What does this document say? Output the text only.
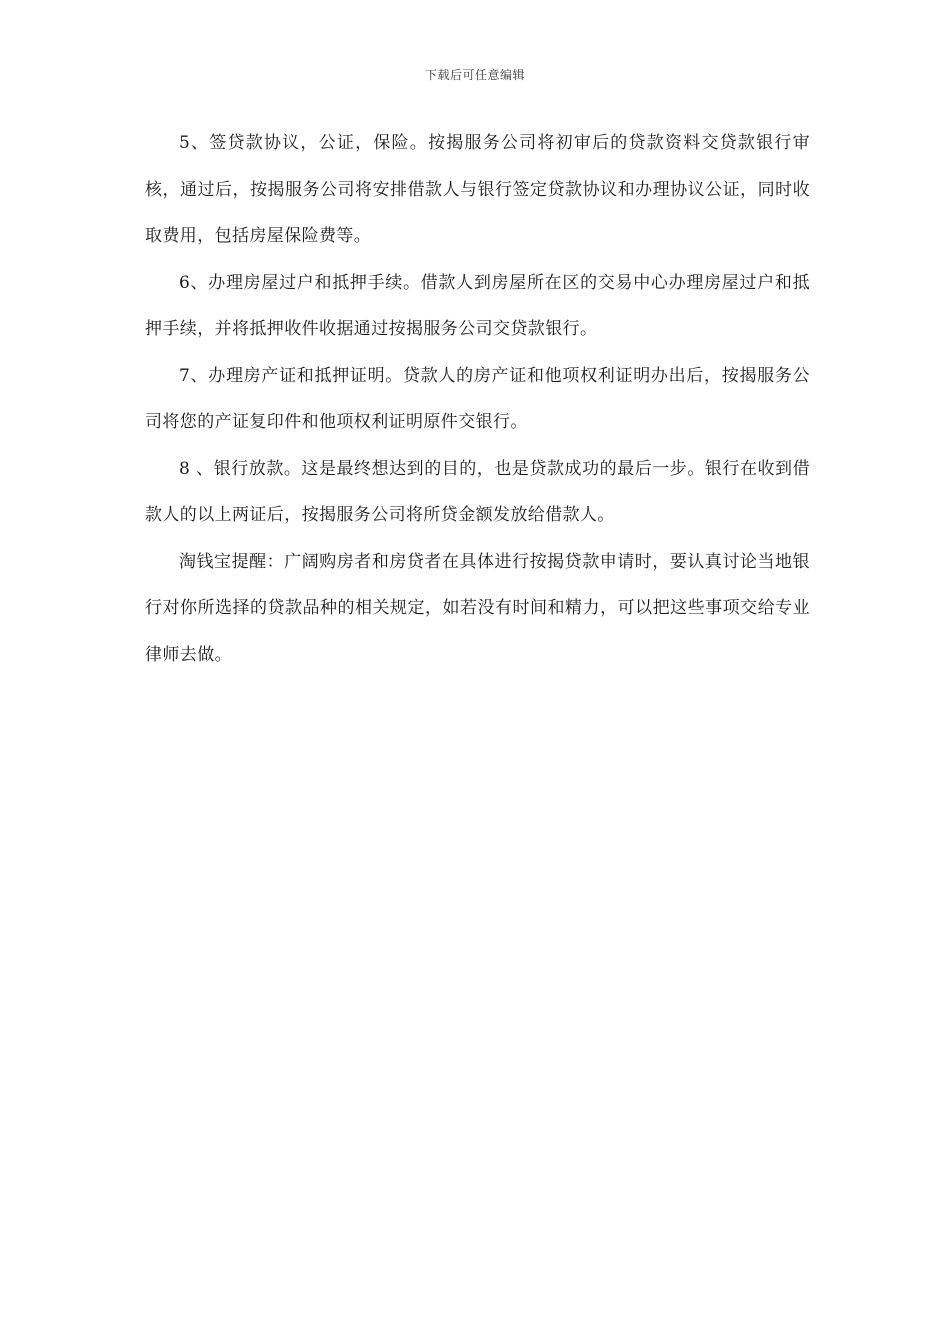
下载后可任意编辑

5、签贷款协议，公证，保险。按揭服务公司将初审后的贷款资料交贷款银行审核，通过后，按揭服务公司将安排借款人与银行签定贷款协议和办理协议公证，同时收取费用，包括房屋保险费等。

6、办理房屋过户和抵押手续。借款人到房屋所在区的交易中心办理房屋过户和抵押手续，并将抵押收件收据通过按揭服务公司交贷款银行。

7、办理房产证和抵押证明。贷款人的房产证和他项权利证明办出后，按揭服务公司将您的产证复印件和他项权利证明原件交银行。

8 、银行放款。这是最终想达到的目的，也是贷款成功的最后一步。银行在收到借款人的以上两证后，按揭服务公司将所贷金额发放给借款人。

淘钱宝提醒：广阔购房者和房贷者在具体进行按揭贷款申请时，要认真讨论当地银行对你所选择的贷款品种的相关规定，如若没有时间和精力，可以把这些事项交给专业律师去做。
